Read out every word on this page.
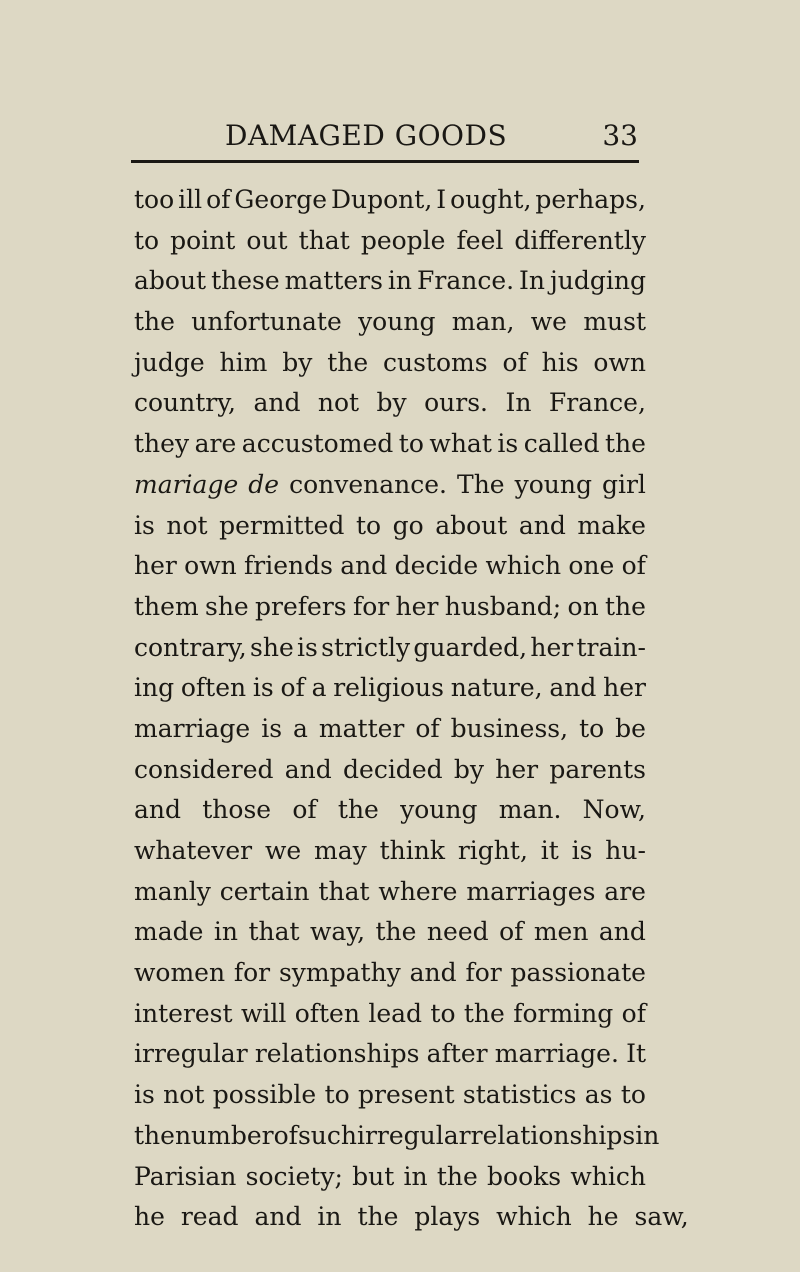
DAMAGED GOODS	33
too ill of George Dupont, I ought, perhaps,
to point out that people feel differently
about these matters in France. In judging
the unfortunate young man, we must
judge him by the customs of his own
country, and not by ours. In France,
they are accustomed to what is called the
mariage de convenance. The young girl
is not permitted to go about and make
her own friends and decide which one of
them she prefers for her husband; on the
contrary, she is strictly guarded, her train-
ing often is of a religious nature, and her
marriage is a matter of business, to be
considered and decided by her parents
and those of the young man. Now,
whatever we may think right, it is hu-
manly certain that where marriages are
made in that way, the need of men and
women for sympathy and for passionate
interest will often lead to the forming of
irregular relationships after marriage. It
is not possible to present statistics as to
the number of such irregular relationships in
Parisian society; but in the books which
he read and in the plays which he saw,
